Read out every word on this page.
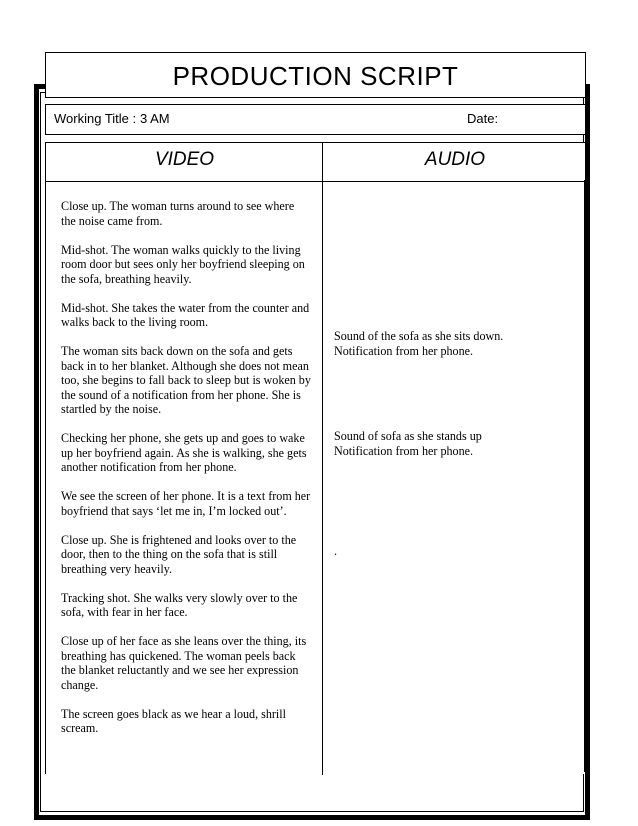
PRODUCTION SCRIPT
Working Title : 3 AM	Date:
VIDEO	AUDIO

Close up. The woman turns around to see where the noise came from.

Mid-shot. The woman walks quickly to the living room door but sees only her boyfriend sleeping on the sofa, breathing heavily.

Mid-shot. She takes the water from the counter and walks back to the living room.

The woman sits back down on the sofa and gets back in to her blanket. Although she does not mean too, she begins to fall back to sleep but is woken by the sound of a notification from her phone. She is startled by the noise.

Checking her phone, she gets up and goes to wake up her boyfriend again. As she is walking, she gets another notification from her phone.

We see the screen of her phone. It is a text from her boyfriend that says ‘let me in, I’m locked out’.

Close up. She is frightened and looks over to the door, then to the thing on the sofa that is still breathing very heavily.

Tracking shot. She walks very slowly over to the sofa, with fear in her face.

Close up of her face as she leans over the thing, its breathing has quickened. The woman peels back the blanket reluctantly and we see her expression change.

The screen goes black as we hear a loud, shrill scream.

Sound of the sofa as she sits down.

Notification from her phone.

Sound of sofa as she stands up

Notification from her phone.

.
